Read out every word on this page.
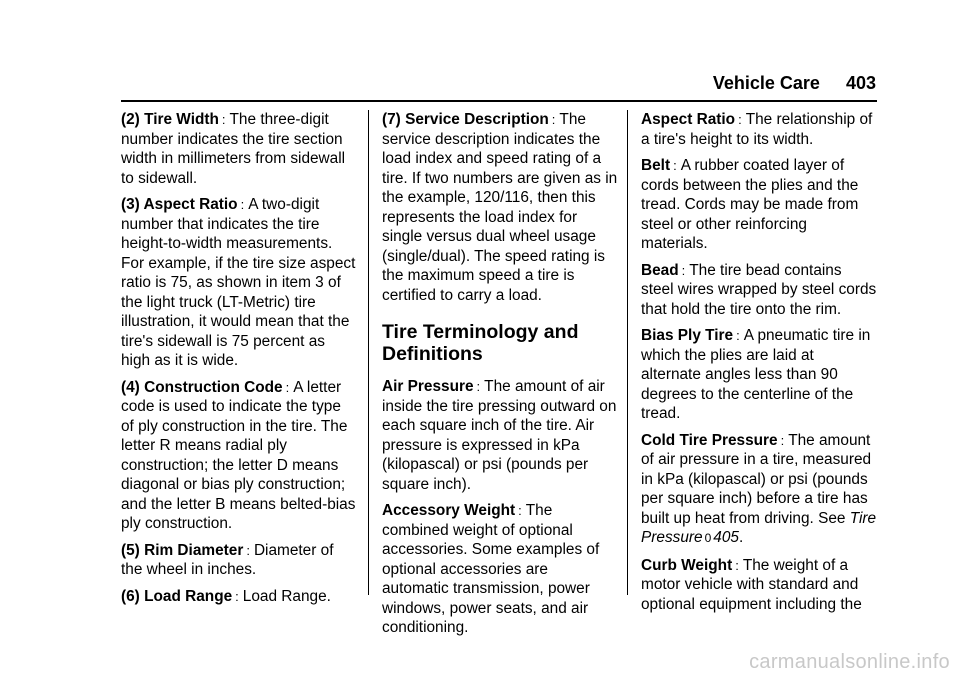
Vehicle Care 403

(2) Tire Width : The three-digit number indicates the tire section width in millimeters from sidewall to sidewall.

(3) Aspect Ratio : A two-digit number that indicates the tire height-to-width measurements. For example, if the tire size aspect ratio is 75, as shown in item 3 of the light truck (LT-Metric) tire illustration, it would mean that the tire's sidewall is 75 percent as high as it is wide.

(4) Construction Code : A letter code is used to indicate the type of ply construction in the tire. The letter R means radial ply construction; the letter D means diagonal or bias ply construction; and the letter B means belted-bias ply construction.

(5) Rim Diameter : Diameter of the wheel in inches.

(6) Load Range : Load Range.

(7) Service Description : The service description indicates the load index and speed rating of a tire. If two numbers are given as in the example, 120/116, then this represents the load index for single versus dual wheel usage (single/dual). The speed rating is the maximum speed a tire is certified to carry a load.

Tire Terminology and Definitions

Air Pressure : The amount of air inside the tire pressing outward on each square inch of the tire. Air pressure is expressed in kPa (kilopascal) or psi (pounds per square inch).

Accessory Weight : The combined weight of optional accessories. Some examples of optional accessories are automatic transmission, power windows, power seats, and air conditioning.

Aspect Ratio : The relationship of a tire's height to its width.

Belt : A rubber coated layer of cords between the plies and the tread. Cords may be made from steel or other reinforcing materials.

Bead : The tire bead contains steel wires wrapped by steel cords that hold the tire onto the rim.

Bias Ply Tire : A pneumatic tire in which the plies are laid at alternate angles less than 90 degrees to the centerline of the tread.

Cold Tire Pressure : The amount of air pressure in a tire, measured in kPa (kilopascal) or psi (pounds per square inch) before a tire has built up heat from driving. See Tire Pressure 0 405.

Curb Weight : The weight of a motor vehicle with standard and optional equipment including the

carmanualsonline.info
